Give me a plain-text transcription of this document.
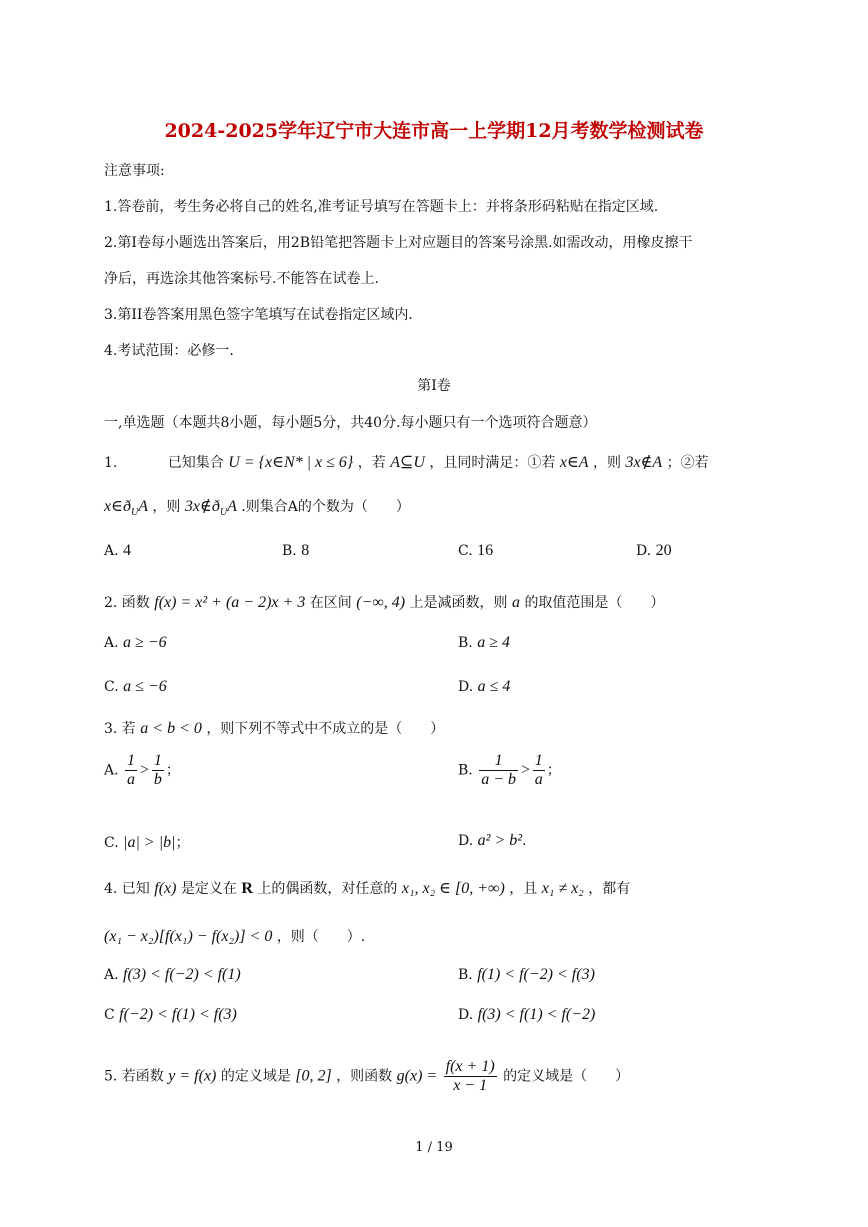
2024-2025学年辽宁市大连市高一上学期12月考数学检测试卷
注意事项:
1.答卷前，考生务必将自己的姓名,准考证号填写在答题卡上：并将条形码粘贴在指定区域.
2.第Ⅰ卷每小题选出答案后，用2B铅笔把答题卡上对应题目的答案号涂黑.如需改动，用橡皮擦干
净后，再选涂其他答案标号.不能答在试卷上.
3.第II卷答案用黑色签字笔填写在试卷指定区域内.
4.考试范围：必修一.
第Ⅰ卷
一,单选题（本题共8小题，每小题5分，共40分.每小题只有一个选项符合题意）
1.	已知集合 U = {x∈N* | x ≤ 6} ，若 A⊆U ，且同时满足：①若 x∈A ，则 3x∉A ；②若
$x\in ð_UA$ ，则 $3x\notin ð_UA$ .则集合A的个数为（　　）
A. 4	B. 8	C. 16	D. 20
2. 函数 f(x) = x² + (a − 2)x + 3 在区间 (−∞, 4) 上是减函数，则 a 的取值范围是（　　）
A. a ≥ −6	B. a ≥ 4
C. a ≤ −6	D. a ≤ 4
3. 若 a < b < 0 ，则下列不等式中不成立的是（　　）
A. $\frac{1}{a} > \frac{1}{b}$ ；	B. $\frac{1}{a - b} > \frac{1}{a}$ ；
C. |a| > |b|；	D. a² > b².
4. 已知 f(x) 是定义在 R 上的偶函数，对任意的 x₁, x₂ ∈ [0, +∞) ，且 x₁ ≠ x₂ ，都有
(x₁ − x₂)[f(x₁) − f(x₂)] < 0 ，则（　　）.
A. f(3) < f(−2) < f(1)	B. f(1) < f(−2) < f(3)
C f(−2) < f(1) < f(3)	D. f(3) < f(1) < f(−2)
5. 若函数 y = f(x) 的定义域是 [0, 2] ，则函数 $g(x) = \frac{f(x + 1)}{x - 1}$ 的定义域是（　　）
1 / 19
